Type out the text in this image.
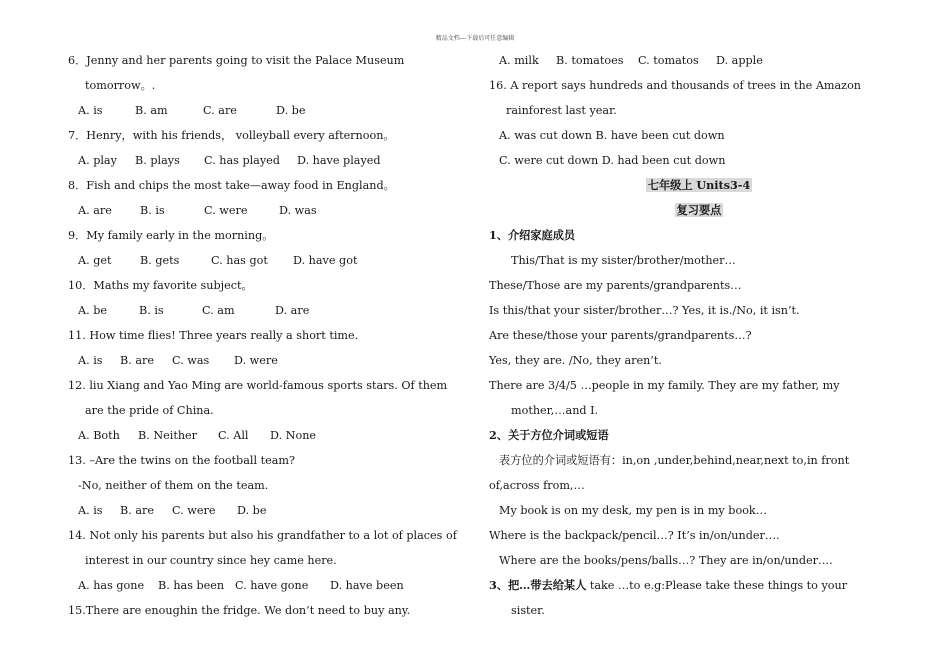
精品文档---下载后可任意编辑
6．Jenny and her parents going to visit the Palace Museum
tomorrow。.
A. is	B. am	C. are	D. be
7．Henry，with his friends， volleyball every afternoon。
A. play B. plays C. has played D. have played
8．Fish and chips the most take—away food in England。
A. are	B. is	C. were	D. was
9．My family early in the morning。
A. get	B. gets	C. has got D. have got
10．Maths my favorite subject。
A. be	B. is	C. am	D. are
11. How time flies! Three years really a short time.
A. is B. are C. was D. were
12. liu Xiang and Yao Ming are world-famous sports stars. Of them
are the pride of China.
A. Both B. Neither C. All D. None
13. –Are the twins on the football team?
-No, neither of them on the team.
A. is B. are C. were D. be
14. Not only his parents but also his grandfather to a lot of places of
interest in our country since hey came here.
A. has gone B. has been C. have gone D. have been
15.There are enoughin the fridge. We don’t need to buy any.
A. milk B. tomatoes C. tomatos D. apple
16. A report says hundreds and thousands of trees in the Amazon
rainforest last year.
A. was cut down B. have been cut down
C. were cut down D. had been cut down
七年级上 Units3-4
复习要点
1、介绍家庭成员
This/That is my sister/brother/mother…
These/Those are my parents/grandparents…
Is this/that your sister/brother…? Yes, it is./No, it isn’t.
Are these/those your parents/grandparents…?
Yes, they are. /No, they aren’t.
There are 3/4/5 …people in my family. They are my father, my
mother,…and I.
2、关于方位介词或短语
表方位的介词或短语有：in,on ,under,behind,near,next to,in front
of,across from,…
My book is on my desk, my pen is in my book…
Where is the backpack/pencil…? It’s in/on/under….
Where are the books/pens/balls…? They are in/on/under….
3、把…带去给某人 take …to e.g:Please take these things to your
sister.
